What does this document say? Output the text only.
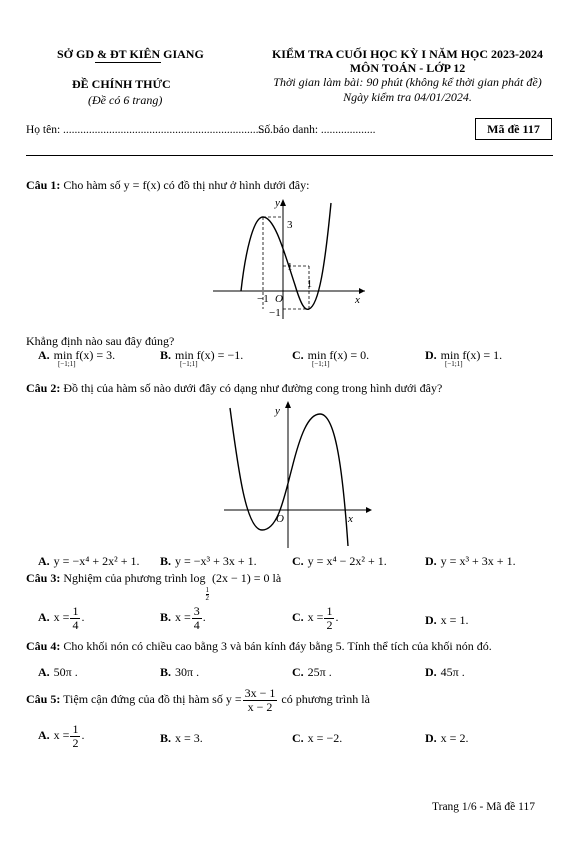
SỞ GD & ĐT KIÊN GIANG
ĐỀ CHÍNH THỨC
(Đề có 6 trang)
KIỂM TRA CUỐI HỌC KỲ I NĂM HỌC 2023-2024
MÔN TOÁN - LỚP 12
Thời gian làm bài: 90 phút (không kể thời gian phát đề)
Ngày kiểm tra 04/01/2024.
Họ tên: ..........................................................................
Số báo danh: ...................	Mã đề 117
Câu 1: Cho hàm số y = f(x) có đồ thị như ở hình dưới đây:
y
3
1
−1 O
1
−1
x
Khẳng định nào sau đây đúng?
A. min f(x) = 3.
[−1;1]
B. min f(x) = −1.
[−1;1]
C. min f(x) = 0.
[−1;1]
D. min f(x) = 1.
[−1;1]
Câu 2: Đồ thị của hàm số nào dưới đây có dạng như đường cong trong hình dưới đây?
y
O	x
A. y = −x⁴ + 2x² + 1. B. y = −x³ + 3x + 1.	C. y = x⁴ − 2x² + 1.	D. y = x³ + 3x + 1.
Câu 3: Nghiệm của phương trình log
$\frac{1}{2}$
(2x − 1) = 0 là
A. $x = \frac{1}{4}$ .	B. $x = \frac{3}{4}$ .	C. $x = \frac{1}{2}$ .	D. x = 1.
Câu 4: Cho khối nón có chiều cao bằng 3 và bán kính đáy bằng 5. Tính thể tích của khối nón đó.
A. 50π .	B. 30π .	C. 25π .	D. 45π .
Câu 5: Tiệm cận đứng của đồ thị hàm số $y = \frac{3x - 1}{x - 2}$ có phương trình là
A. $x = \frac{1}{2}$ .	B. x = 3.	C. x = −2.	D. x = 2.
Trang 1/6 - Mã đề 117
